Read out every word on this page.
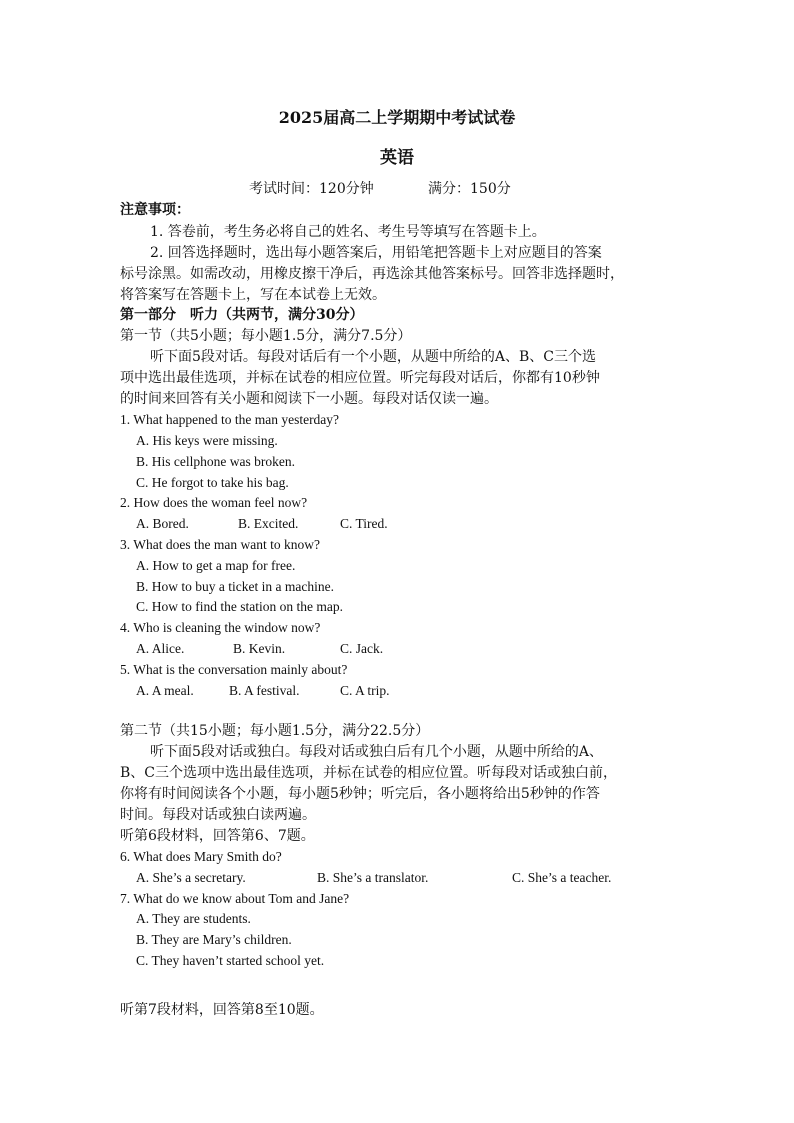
2025届高二上学期期中考试试卷
英语
考试时间：120分钟	满分：150分
注意事项：
1. 答卷前，考生务必将自己的姓名、考生号等填写在答题卡上。
2. 回答选择题时，选出每小题答案后，用铅笔把答题卡上对应题目的答案
标号涂黑。如需改动，用橡皮擦干净后，再选涂其他答案标号。回答非选择题时，
将答案写在答题卡上，写在本试卷上无效。
第一部分　听力（共两节，满分30分）
第一节（共5小题；每小题1.5分，满分7.5分）
听下面5段对话。每段对话后有一个小题，从题中所给的A、B、C三个选
项中选出最佳选项，并标在试卷的相应位置。听完每段对话后，你都有10秒钟
的时间来回答有关小题和阅读下一小题。每段对话仅读一遍。
1. What happened to the man yesterday?
A. His keys were missing.
B. His cellphone was broken.
C. He forgot to take his bag.
2. How does the woman feel now?
A. Bored.	B. Excited.	C. Tired.
3. What does the man want to know?
A. How to get a map for free.
B. How to buy a ticket in a machine.
C. How to find the station on the map.
4. Who is cleaning the window now?
A. Alice.	B. Kevin.	C. Jack.
5. What is the conversation mainly about?
A. A meal.	B. A festival.	C. A trip.
第二节（共15小题；每小题1.5分，满分22.5分）
听下面5段对话或独白。每段对话或独白后有几个小题，从题中所给的A、
B、C三个选项中选出最佳选项，并标在试卷的相应位置。听每段对话或独白前，
你将有时间阅读各个小题，每小题5秒钟；听完后，各小题将给出5秒钟的作答
时间。每段对话或独白读两遍。
听第6段材料，回答第6、7题。
6. What does Mary Smith do?
A. She’s a secretary.	B. She’s a translator.	C. She’s a teacher.
7. What do we know about Tom and Jane?
A. They are students.
B. They are Mary’s children.
C. They haven’t started school yet.
听第7段材料，回答第8至10题。
